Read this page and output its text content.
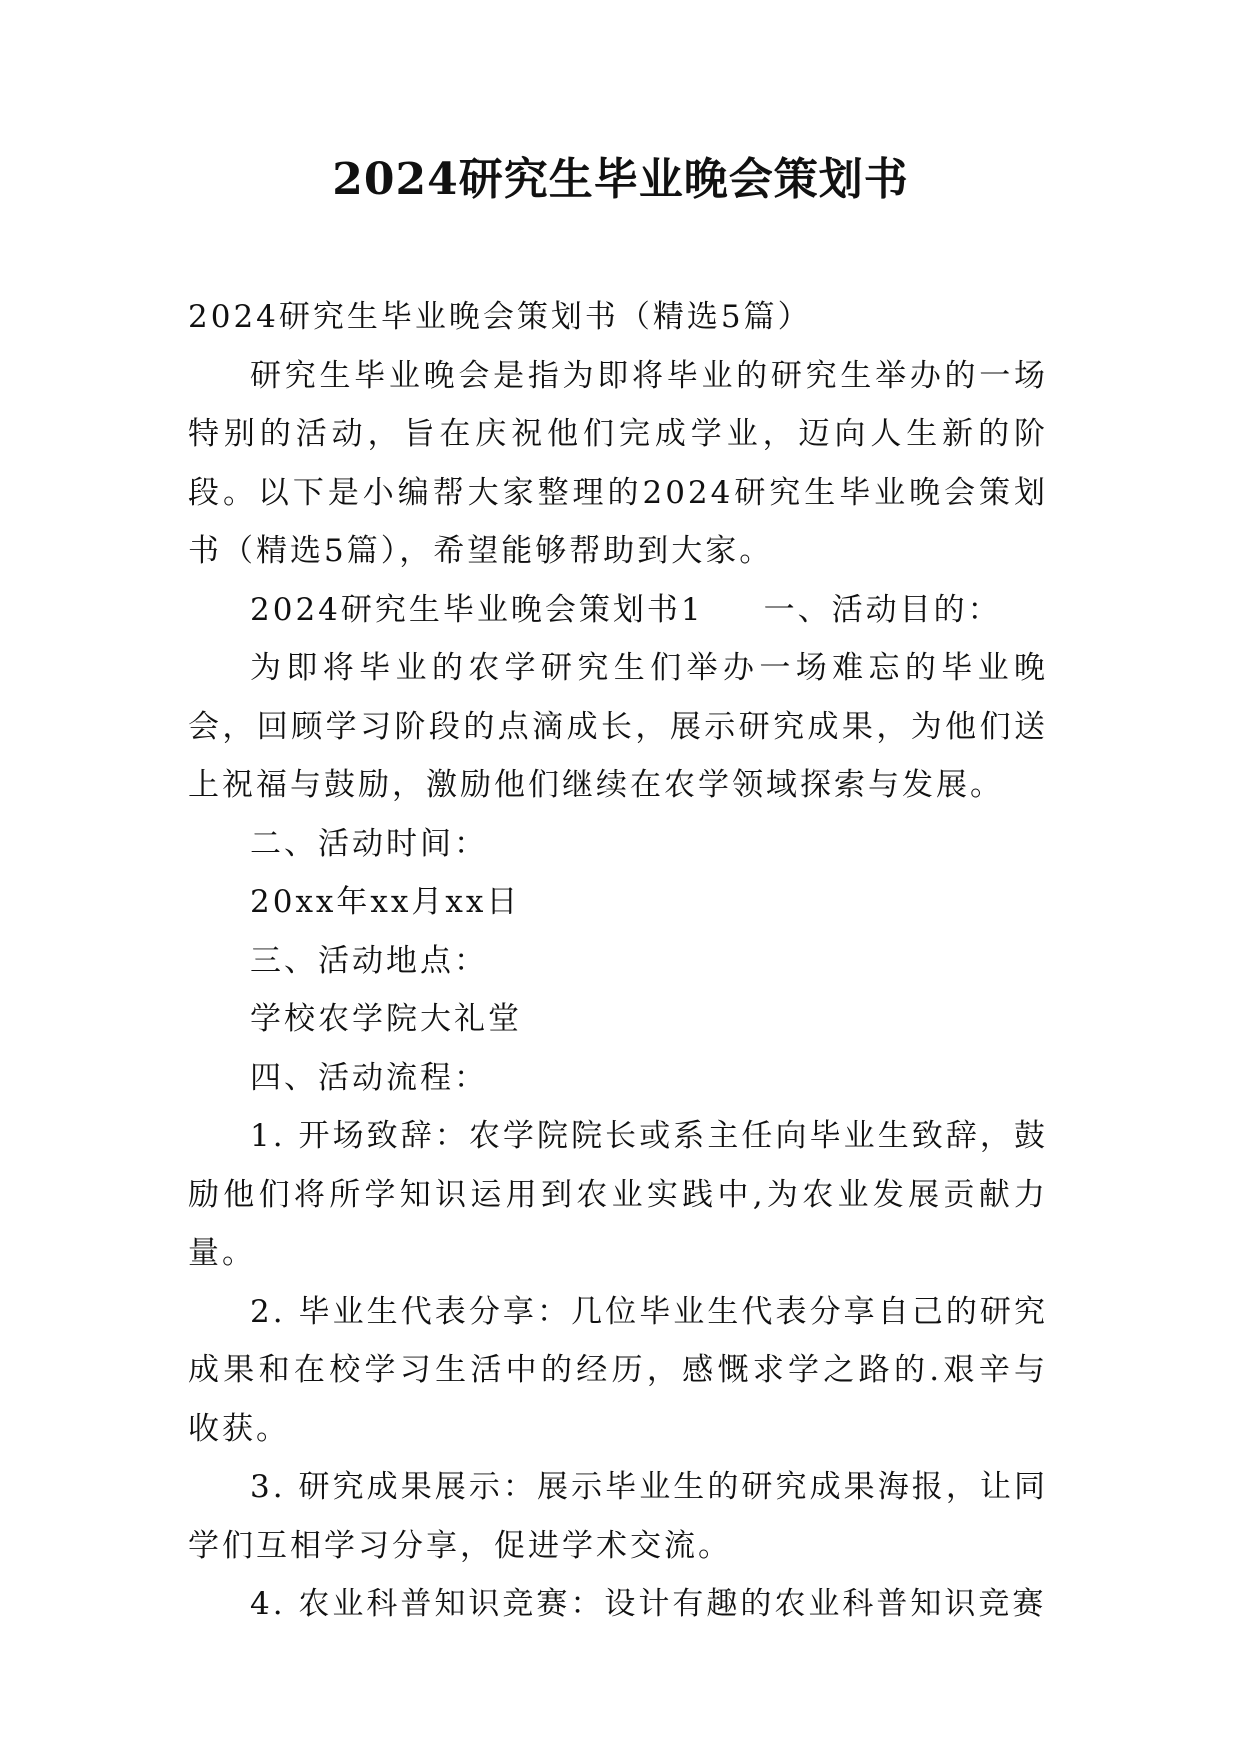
2024研究生毕业晚会策划书

2024研究生毕业晚会策划书（精选5篇）

研究生毕业晚会是指为即将毕业的研究生举办的一场特别的活动，旨在庆祝他们完成学业，迈向人生新的阶段。以下是小编帮大家整理的2024研究生毕业晚会策划书（精选5篇），希望能够帮助到大家。

2024研究生毕业晚会策划书1 一、活动目的：

为即将毕业的农学研究生们举办一场难忘的毕业晚会，回顾学习阶段的点滴成长，展示研究成果，为他们送上祝福与鼓励，激励他们继续在农学领域探索与发展。

二、活动时间：

20xx年xx月xx日

三、活动地点：

学校农学院大礼堂

四、活动流程：

1. 开场致辞：农学院院长或系主任向毕业生致辞，鼓励他们将所学知识运用到农业实践中,为农业发展贡献力量。

2. 毕业生代表分享：几位毕业生代表分享自己的研究成果和在校学习生活中的经历，感慨求学之路的.艰辛与收获。

3. 研究成果展示：展示毕业生的研究成果海报，让同学们互相学习分享，促进学术交流。

4. 农业科普知识竞赛：设计有趣的农业科普知识竞赛
